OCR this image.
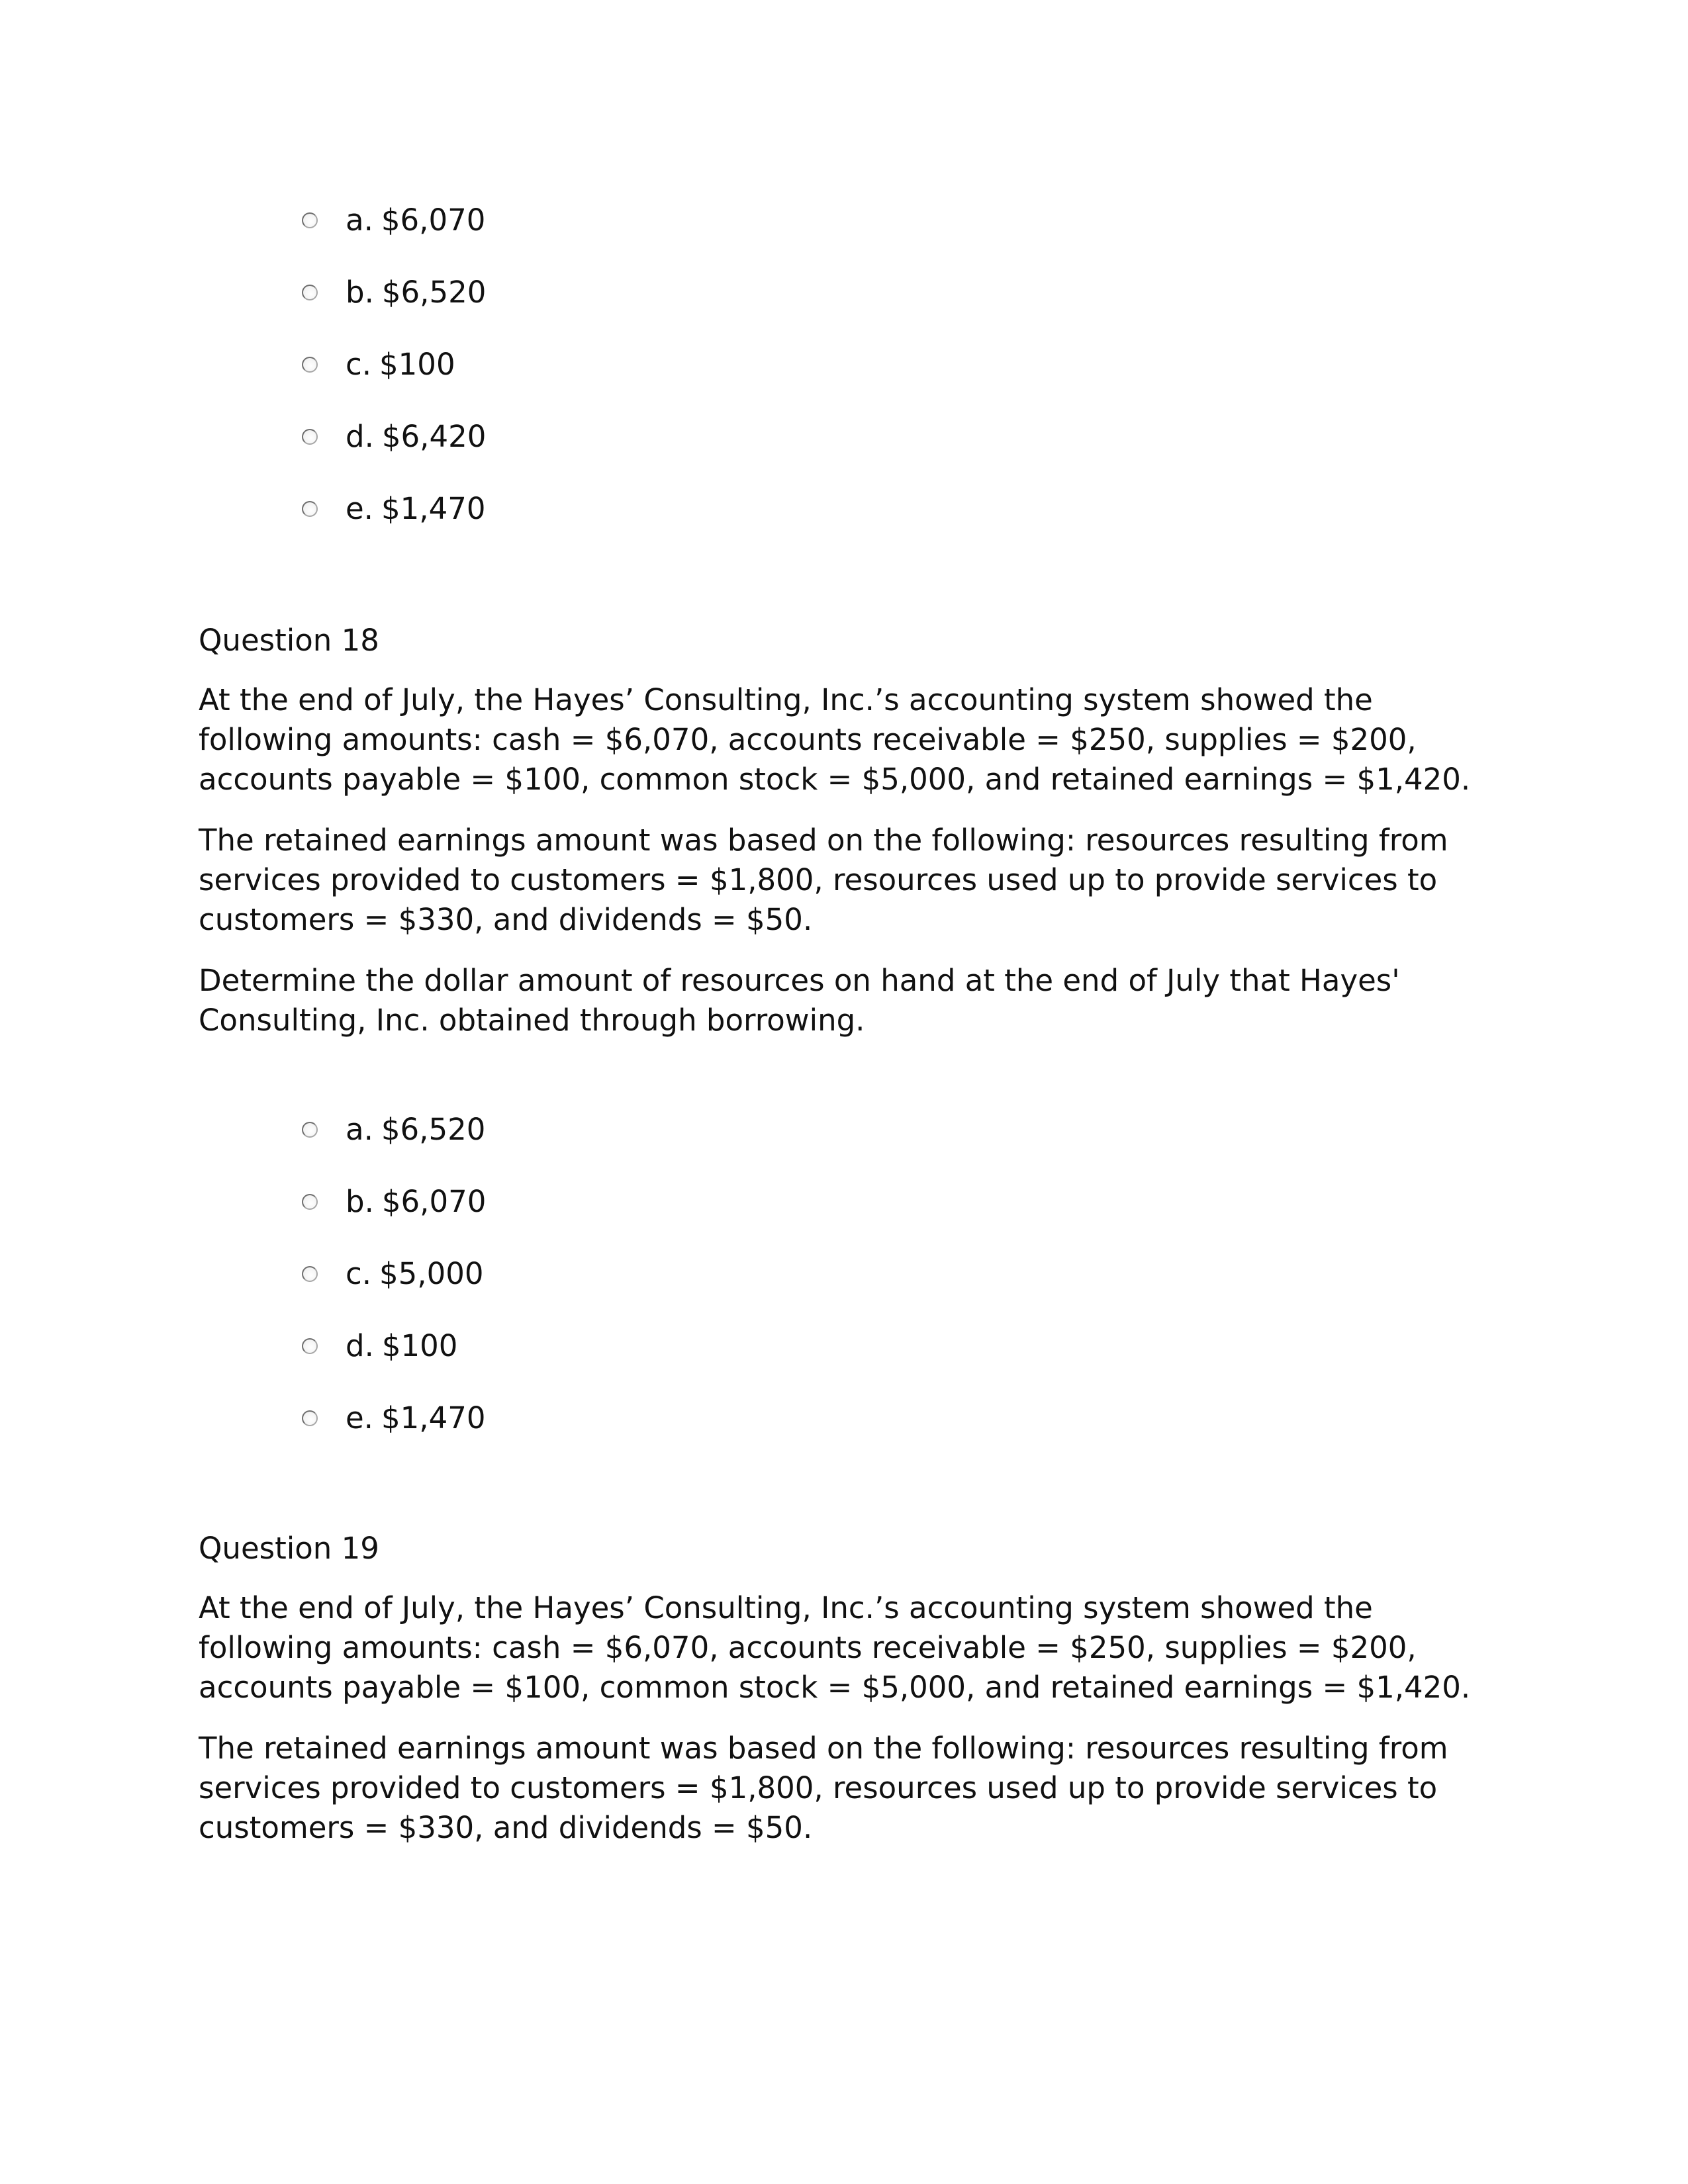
a. $6,070
b. $6,520
c. $100
d. $6,420
e. $1,470
Question 18

At the end of July, the Hayes’ Consulting, Inc.’s accounting system showed the following amounts: cash = $6,070, accounts receivable = $250, supplies = $200, accounts payable = $100, common stock = $5,000, and retained earnings = $1,420.

The retained earnings amount was based on the following: resources resulting from services provided to customers = $1,800, resources used up to provide services to customers = $330, and dividends = $50.

Determine the dollar amount of resources on hand at the end of July that Hayes' Consulting, Inc. obtained through borrowing.

a. $6,520
b. $6,070
c. $5,000
d. $100
e. $1,470
Question 19

At the end of July, the Hayes’ Consulting, Inc.’s accounting system showed the following amounts: cash = $6,070, accounts receivable = $250, supplies = $200, accounts payable = $100, common stock = $5,000, and retained earnings = $1,420.

The retained earnings amount was based on the following: resources resulting from services provided to customers = $1,800, resources used up to provide services to customers = $330, and dividends = $50.
